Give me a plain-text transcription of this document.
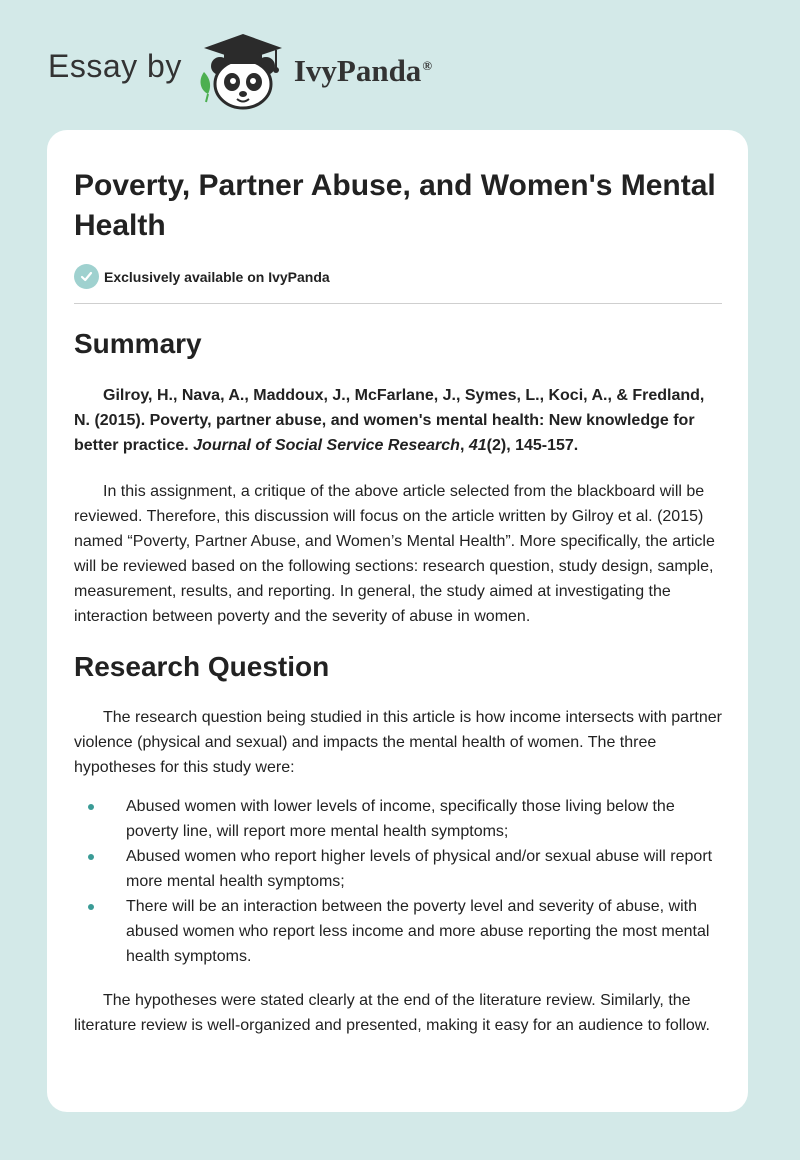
Essay by	IvyPanda®
Poverty, Partner Abuse, and Women's Mental Health
Exclusively available on IvyPanda
Summary

Gilroy, H., Nava, A., Maddoux, J., McFarlane, J., Symes, L., Koci, A., & Fredland, N. (2015). Poverty, partner abuse, and women's mental health: New knowledge for better practice. Journal of Social Service Research, 41(2), 145-157.

In this assignment, a critique of the above article selected from the blackboard will be reviewed. Therefore, this discussion will focus on the article written by Gilroy et al. (2015) named “Poverty, Partner Abuse, and Women’s Mental Health”. More specifically, the article will be reviewed based on the following sections: research question, study design, sample, measurement, results, and reporting. In general, the study aimed at investigating the interaction between poverty and the severity of abuse in women.

Research Question

The research question being studied in this article is how income intersects with partner violence (physical and sexual) and impacts the mental health of women. The three hypotheses for this study were:

Abused women with lower levels of income, specifically those living below the poverty line, will report more mental health symptoms;
Abused women who report higher levels of physical and/or sexual abuse will report more mental health symptoms;
There will be an interaction between the poverty level and severity of abuse, with abused women who report less income and more abuse reporting the most mental health symptoms.

The hypotheses were stated clearly at the end of the literature review. Similarly, the literature review is well-organized and presented, making it easy for an audience to follow.
